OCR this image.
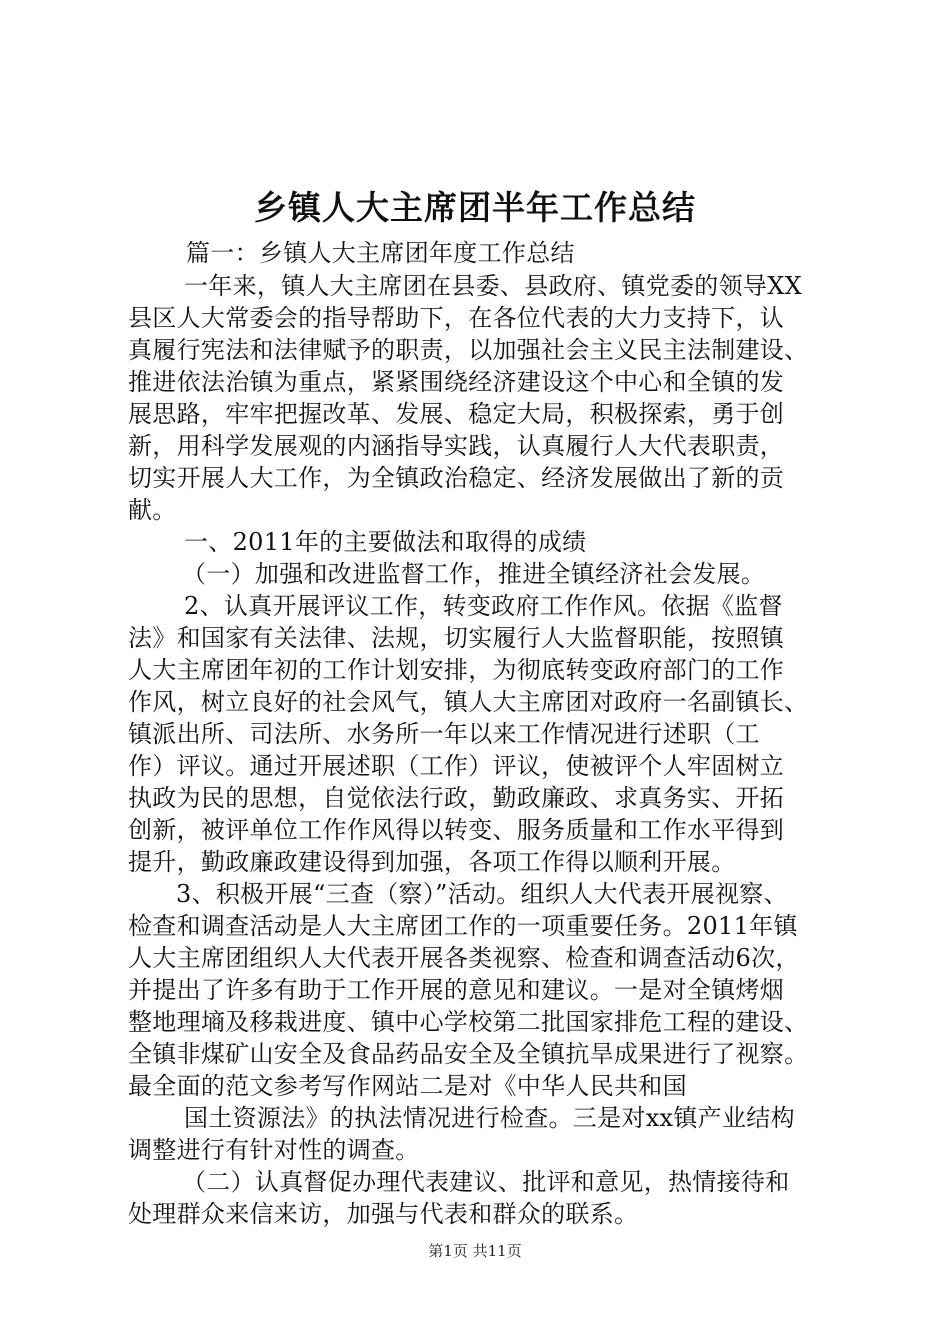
乡镇人大主席团半年工作总结
篇一：乡镇人大主席团年度工作总结
一年来，镇人大主席团在县委、县政府、镇党委的领导XX
县区人大常委会的指导帮助下，在各位代表的大力支持下，认
真履行宪法和法律赋予的职责，以加强社会主义民主法制建设、
推进依法治镇为重点，紧紧围绕经济建设这个中心和全镇的发
展思路，牢牢把握改革、发展、稳定大局，积极探索，勇于创
新，用科学发展观的内涵指导实践，认真履行人大代表职责，
切实开展人大工作，为全镇政治稳定、经济发展做出了新的贡
献。
一、2011年的主要做法和取得的成绩
（一）加强和改进监督工作，推进全镇经济社会发展。
2、认真开展评议工作，转变政府工作作风。依据《监督
法》和国家有关法律、法规，切实履行人大监督职能，按照镇
人大主席团年初的工作计划安排，为彻底转变政府部门的工作
作风，树立良好的社会风气，镇人大主席团对政府一名副镇长、
镇派出所、司法所、水务所一年以来工作情况进行述职（工
作）评议。通过开展述职（工作）评议，使被评个人牢固树立
执政为民的思想，自觉依法行政，勤政廉政、求真务实、开拓
创新，被评单位工作作风得以转变、服务质量和工作水平得到
提升，勤政廉政建设得到加强，各项工作得以顺利开展。
3、积极开展“三查（察）”活动。组织人大代表开展视察、
检查和调查活动是人大主席团工作的一项重要任务。2011年镇
人大主席团组织人大代表开展各类视察、检查和调查活动6次，
并提出了许多有助于工作开展的意见和建议。一是对全镇烤烟
整地理墒及移栽进度、镇中心学校第二批国家排危工程的建设、
全镇非煤矿山安全及食品药品安全及全镇抗旱成果进行了视察。
最全面的范文参考写作网站二是对《中华人民共和国
国土资源法》的执法情况进行检查。三是对xx镇产业结构
调整进行有针对性的调查。
（二）认真督促办理代表建议、批评和意见，热情接待和
处理群众来信来访，加强与代表和群众的联系。
第1页 共11页
